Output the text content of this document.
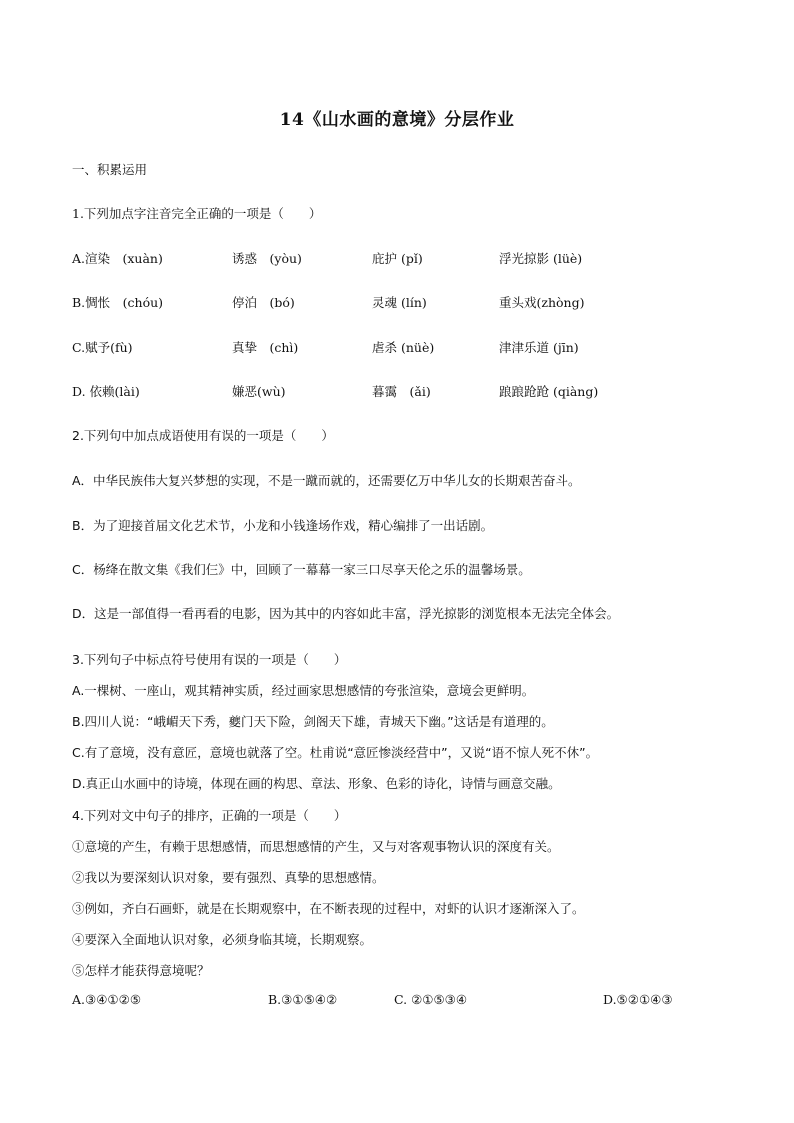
14《山水画的意境》分层作业
一、积累运用
1.下列加点字注音完全正确的一项是（　　）
A.渲染　(xuàn)	诱惑　(yòu)	庇护 (pǐ)	浮光掠影 (lüè)
B.惆怅　(chóu)	停泊　(bó)	灵魂 (lín)	重头戏(zhòng)
C.赋予(fù)	真挚　(chì)	虐杀 (nüè)	津津乐道 (jīn)
D. 依赖(lài)	嫌恶(wù)	暮霭　(ǎi)	踉踉跄跄 (qiàng)
2.下列句中加点成语使用有误的一项是（　　）
A．中华民族伟大复兴梦想的实现，不是一蹴而就的，还需要亿万中华儿女的长期艰苦奋斗。
B．为了迎接首届文化艺术节，小龙和小钱逢场作戏，精心编排了一出话剧。
C．杨绛在散文集《我们仨》中，回顾了一幕幕一家三口尽享天伦之乐的温馨场景。
D．这是一部值得一看再看的电影，因为其中的内容如此丰富，浮光掠影的浏览根本无法完全体会。
3.下列句子中标点符号使用有误的一项是（　　）
A.一棵树、一座山，观其精神实质，经过画家思想感情的夸张渲染，意境会更鲜明。
B.四川人说：“峨嵋天下秀，夔门天下险，剑阁天下雄，青城天下幽。”这话是有道理的。
C.有了意境，没有意匠，意境也就落了空。杜甫说“意匠惨淡经营中”，又说“语不惊人死不休”。
D.真正山水画中的诗境，体现在画的构思、章法、形象、色彩的诗化，诗情与画意交融。
4.下列对文中句子的排序，正确的一项是（　　）
①意境的产生，有赖于思想感情，而思想感情的产生，又与对客观事物认识的深度有关。
②我以为要深刻认识对象，要有强烈、真挚的思想感情。
③例如，齐白石画虾，就是在长期观察中，在不断表现的过程中，对虾的认识才逐渐深入了。
④要深入全面地认识对象，必须身临其境，长期观察。
⑤怎样才能获得意境呢？
A.③④①②⑤	B.③①⑤④②	C. ②①⑤③④	D.⑤②①④③
